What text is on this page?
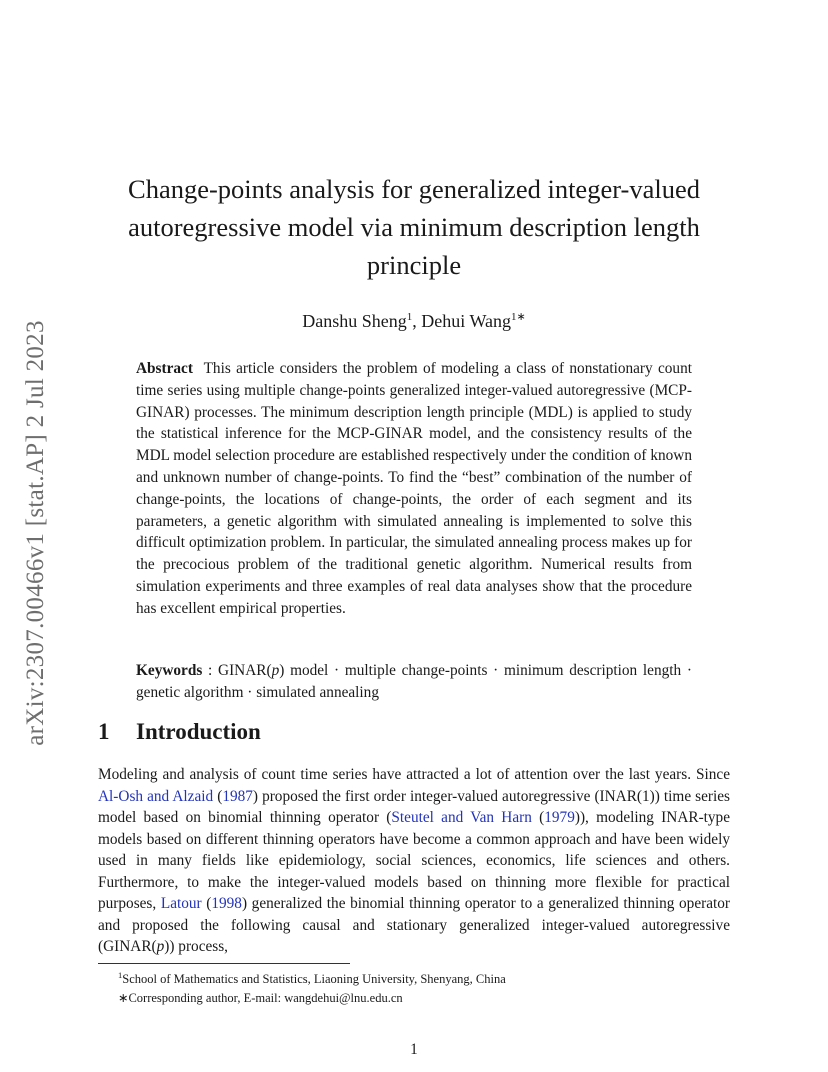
arXiv:2307.00466v1 [stat.AP] 2 Jul 2023
Change-points analysis for generalized integer-valued
autoregressive model via minimum description length
principle
Danshu Sheng$^1$, Dehui Wang$^{1∗}$
Abstract This article considers the problem of modeling a class of nonstationary count time series using multiple change-points generalized integer-valued autoregressive (MCP-GINAR) processes. The minimum description length principle (MDL) is applied to study the statistical inference for the MCP-GINAR model, and the consistency results of the MDL model selection procedure are established respectively under the condition of known and unknown number of change-points. To find the “best” combination of the number of change-points, the locations of change-points, the order of each segment and its parameters, a genetic algorithm with simulated annealing is implemented to solve this difficult optimization problem. In particular, the simulated annealing process makes up for the precocious problem of the traditional genetic algorithm. Numerical results from simulation experiments and three examples of real data analyses show that the procedure has excellent empirical properties.
Keywords : GINAR(p) model · multiple change-points · minimum description length · genetic algorithm · simulated annealing
1 Introduction
Modeling and analysis of count time series have attracted a lot of attention over the last years. Since Al-Osh and Alzaid (1987) proposed the first order integer-valued autoregressive (INAR(1)) time series model based on binomial thinning operator (Steutel and Van Harn (1979)), modeling INAR-type models based on different thinning operators have become a common approach and have been widely used in many fields like epidemiology, social sciences, economics, life sciences and others. Furthermore, to make the integer-valued models based on thinning more flexible for practical purposes, Latour (1998) generalized the binomial thinning operator to a generalized thinning operator and proposed the following causal and stationary generalized integer-valued autoregressive (GINAR(p)) process,
$^1$School of Mathematics and Statistics, Liaoning University, Shenyang, China
∗Corresponding author, E-mail: wangdehui@lnu.edu.cn
1
